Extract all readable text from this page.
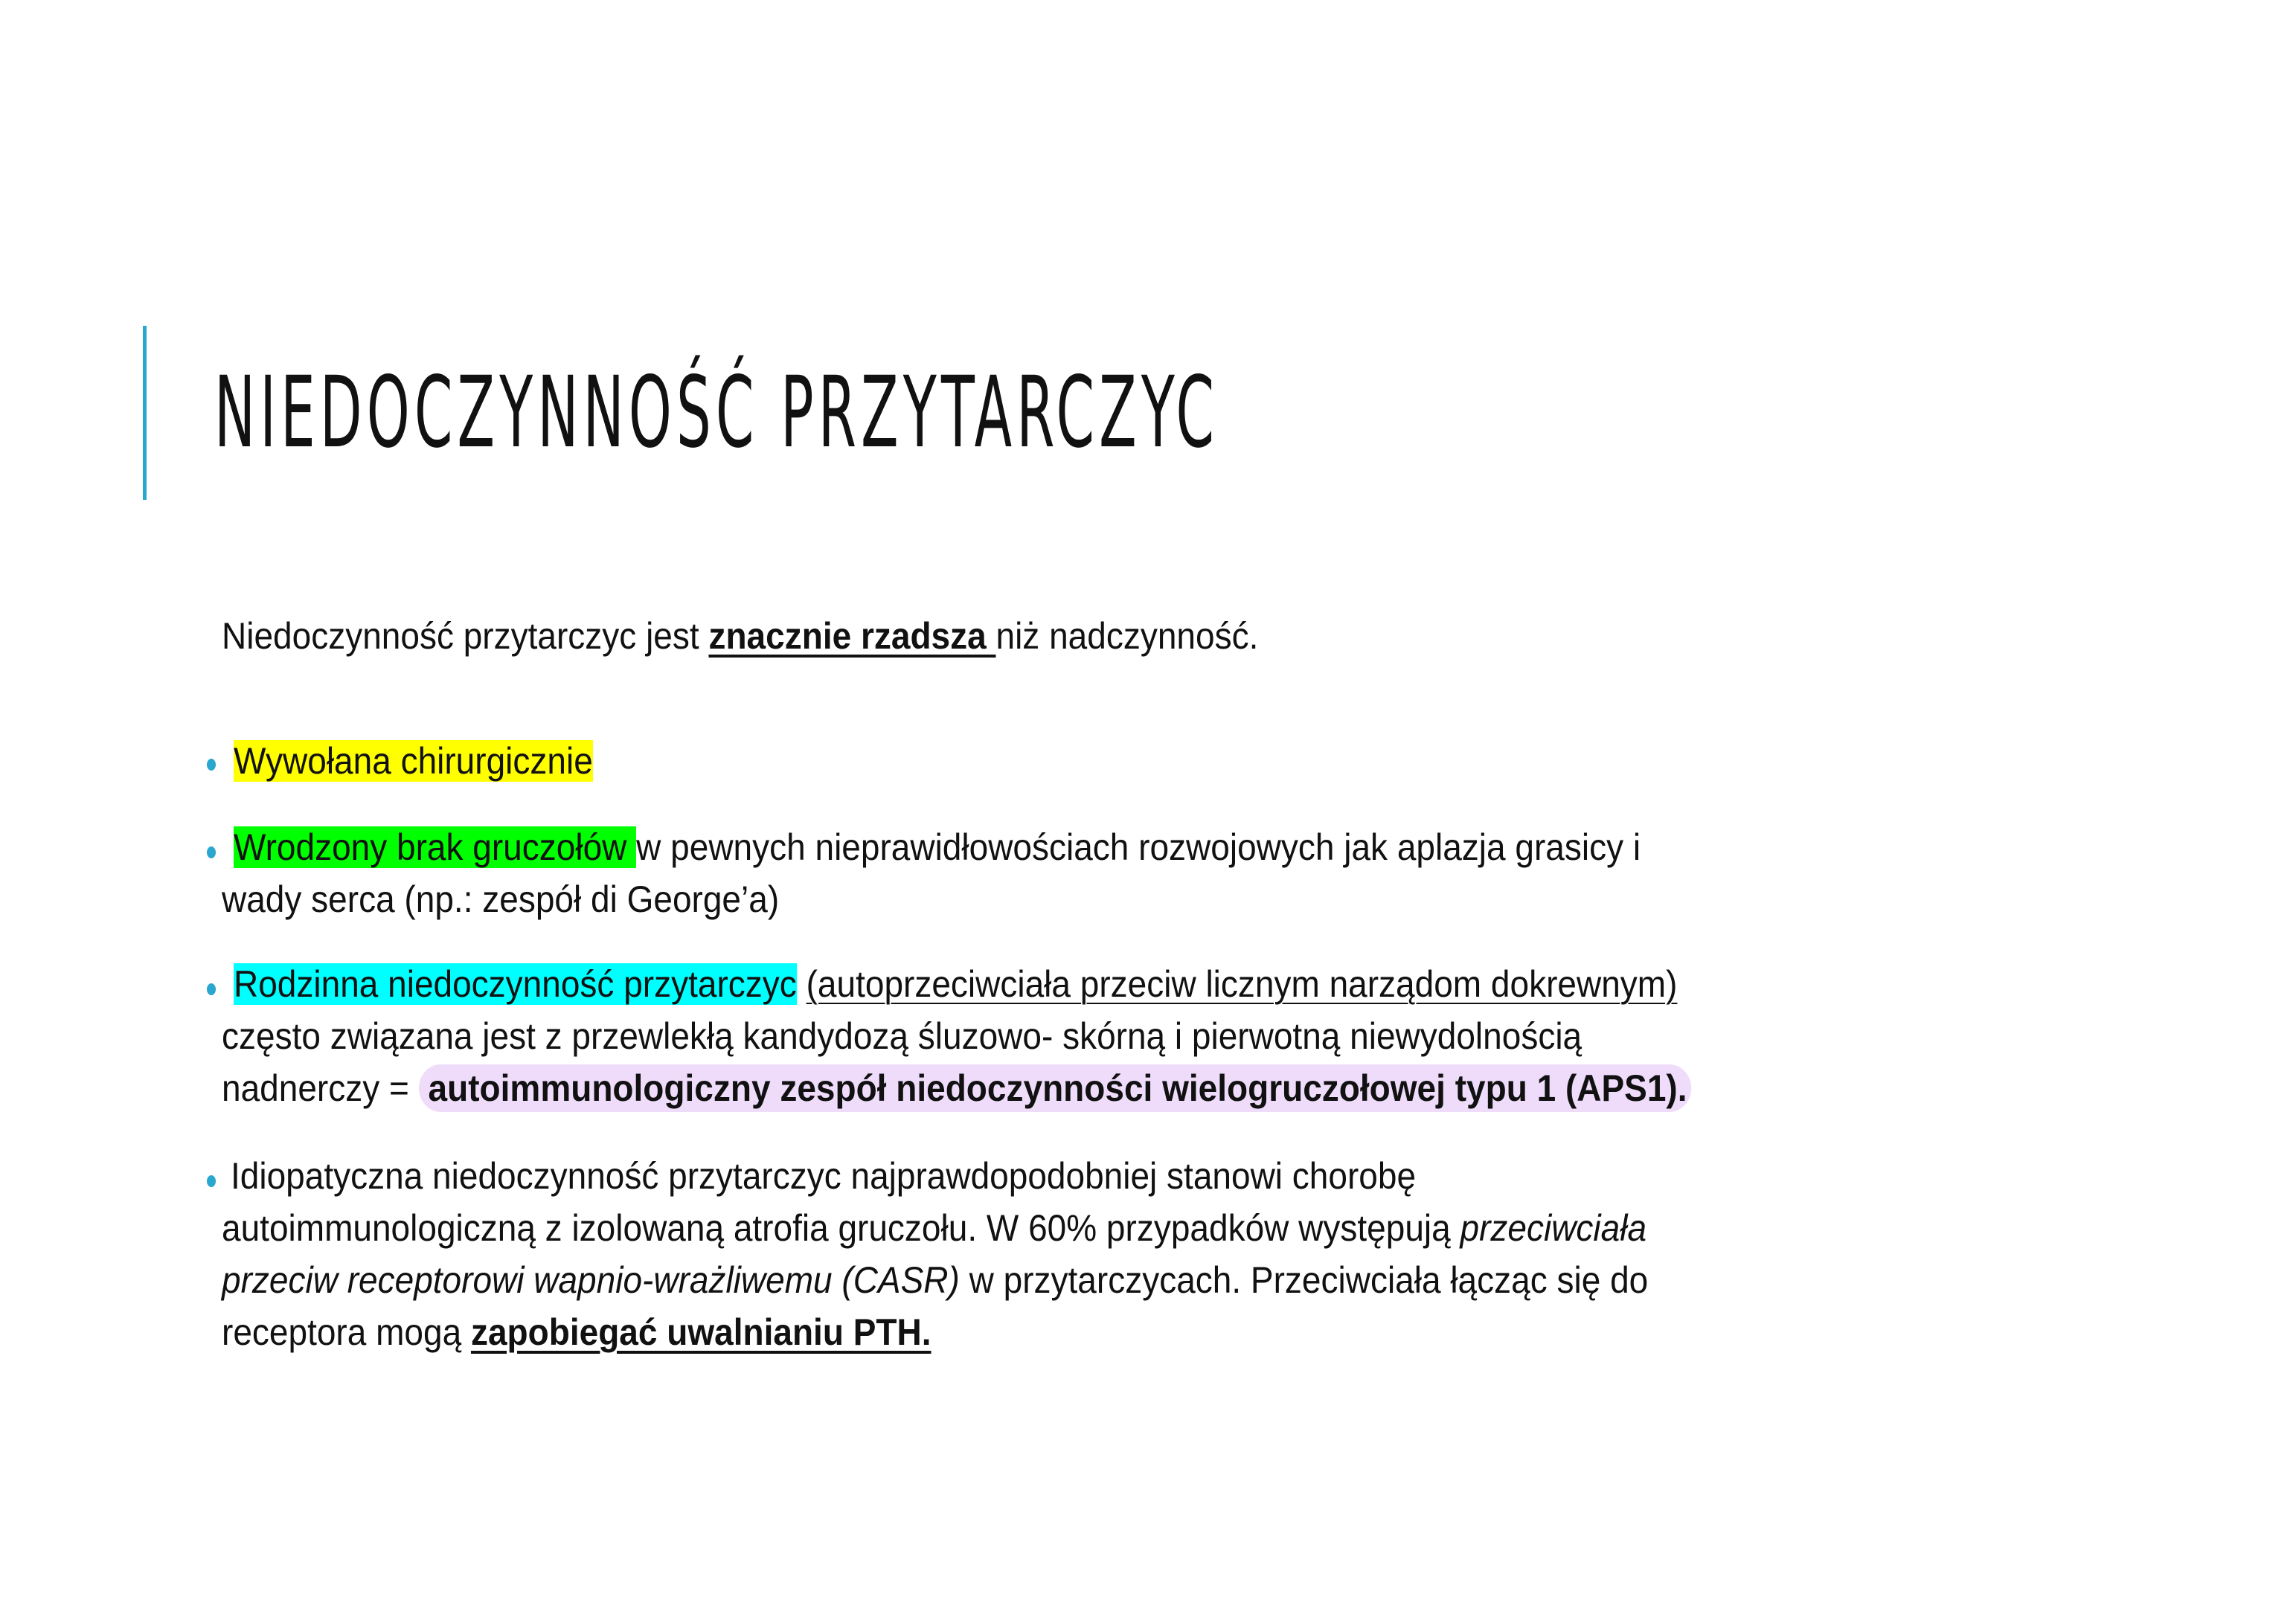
NIEDOCZYNNOŚĆ PRZYTARCZYC
Niedoczynność przytarczyc jest znacznie rzadsza niż nadczynność.
Wywołana chirurgicznie
Wrodzony brak gruczołów w pewnych nieprawidłowościach rozwojowych jak aplazja grasicy i
wady serca (np.: zespół di George’a)
Rodzinna niedoczynność przytarczyc (autoprzeciwciała przeciw licznym narządom dokrewnym)
często związana jest z przewlekłą kandydozą śluzowo- skórną i pierwotną niewydolnością
nadnerczy = autoimmunologiczny zespół niedoczynności wielogruczołowej typu 1 (APS1).
Idiopatyczna niedoczynność przytarczyc najprawdopodobniej stanowi chorobę
autoimmunologiczną z izolowaną atrofia gruczołu. W 60% przypadków występują przeciwciała
przeciw receptorowi wapnio-wrażliwemu (CASR) w przytarczycach. Przeciwciała łącząc się do
receptora mogą zapobiegać uwalnianiu PTH.
